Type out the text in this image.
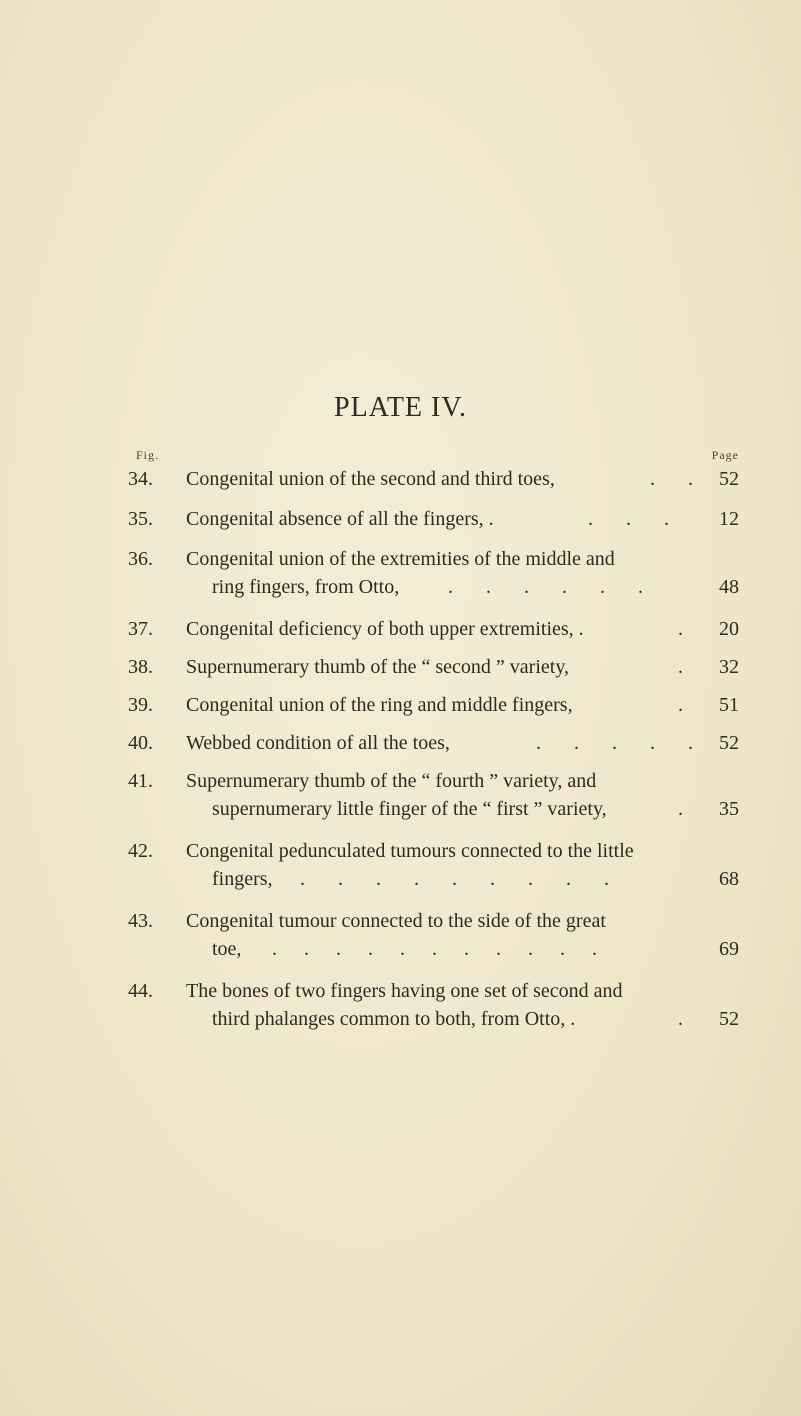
PLATE IV.
Fig.	Page
34.	Congenital union of the second and third toes,	. . 52
35.	Congenital absence of all the fingers, .	. . . 12
36.	Congenital union of the extremities of the middle and
ring fingers, from Otto, . . . . . .	48
37.	Congenital deficiency of both upper extremities, .	. 20
38.	Supernumerary thumb of the “ second ” variety,	. 32
39.	Congenital union of the ring and middle fingers,	. 51
40.	Webbed condition of all the toes,	. . . . . 52
41.	Supernumerary thumb of the “ fourth ” variety, and
supernumerary little finger of the “ first ” variety,	. 35
42.	Congenital pedunculated tumours connected to the little
fingers, . . . . . . . . .	68
43.	Congenital tumour connected to the side of the great
toe, . . . . . . . . . . .	69
44.	The bones of two fingers having one set of second and
third phalanges common to both, from Otto, .	. 52
